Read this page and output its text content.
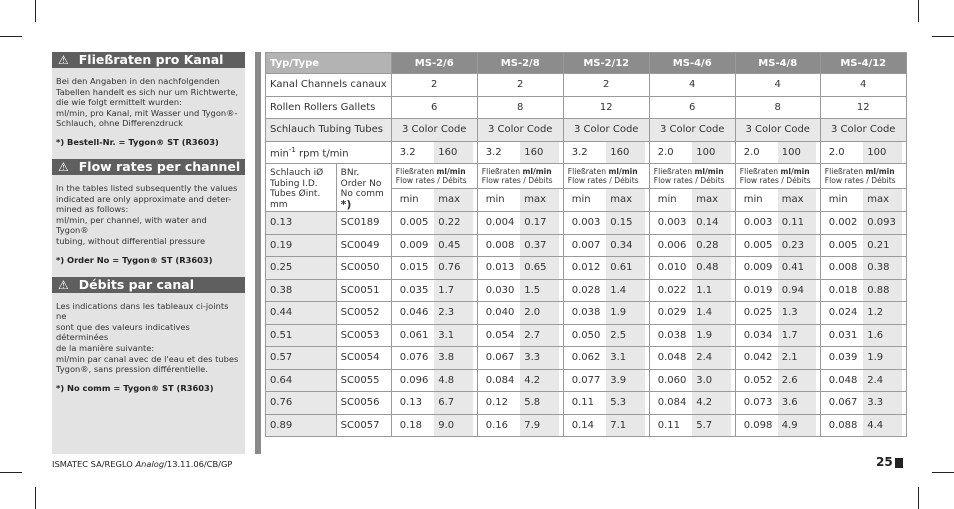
⚠ Fließraten pro Kanal

Bei den Angaben in den nachfolgenden

Tabellen handelt es sich nur um Richtwerte,

die wie folgt ermittelt wurden:

ml/min, pro Kanal, mit Wasser und Tygon®-

Schlauch, ohne Differenzdruck

*) Bestell-Nr. = Tygon® ST (R3603)
⚠ Flow rates per channel

In the tables listed subsequently the values

indicated are only approximate and deter-

mined as follows:

ml/min, per channel, with water and Tygon®

tubing, without differential pressure

*) Order No = Tygon® ST (R3603)
⚠ Débits par canal

Les indications dans les tableaux ci-joints ne

sont que des valeurs indicatives déterminées

de la manière suivante:

ml/min par canal avec de l'eau et des tubes

Tygon®, sans pression différentielle.

*) No comm = Tygon® ST (R3603)
ISMATEC SA/REGLO Analog/13.11.06/CB/GP	25
Typ/Type		MS-2/6	MS-2/8	MS-2/12	MS-4/6	MS-4/8	MS-4/12
Kanal Channels canaux		2	2	2	4	4	4
Rollen Rollers Gallets		6	8	12	6	8	12
Schlauch Tubing Tubes		3 Color Code	3 Color Code	3 Color Code	3 Color Code	3 Color Code	3 Color Code
$\min^{-1}$ rpm t/min		3.2 160	3.2 160	3.2 160	2.0 100	2.0 100	2.0 100

Schlauch iØ
Tubing I.D.
Tubes Øint.
mm	BNr.
Order No
No comm
*)	Fließraten ml/min
Flow rates / Débits	Fließraten ml/min
Flow rates / Débits	Fließraten ml/min
Flow rates / Débits	Fließraten ml/min
Flow rates / Débits	Fließraten ml/min
Flow rates / Débits	Fließraten ml/min
Flow rates / Débits

		min max	min max	min max	min max	min max	min max

0.13	SC0189	0.005 0.22	0.004 0.17	0.003 0.15	0.003 0.14	0.003 0.11	0.002 0.093

0.19	SC0049	0.009 0.45	0.008 0.37	0.007 0.34	0.006 0.28	0.005 0.23	0.005 0.21

0.25	SC0050	0.015 0.76	0.013 0.65	0.012 0.61	0.010 0.48	0.009 0.41	0.008 0.38

0.38	SC0051	0.035 1.7	0.030 1.5	0.028 1.4	0.022 1.1	0.019 0.94	0.018 0.88

0.44	SC0052	0.046 2.3	0.040 2.0	0.038 1.9	0.029 1.4	0.025 1.3	0.024 1.2

0.51	SC0053	0.061 3.1	0.054 2.7	0.050 2.5	0.038 1.9	0.034 1.7	0.031 1.6

0.57	SC0054	0.076 3.8	0.067 3.3	0.062 3.1	0.048 2.4	0.042 2.1	0.039 1.9

0.64	SC0055	0.096 4.8	0.084 4.2	0.077 3.9	0.060 3.0	0.052 2.6	0.048 2.4

0.76	SC0056	0.13 6.7	0.12 5.8	0.11 5.3	0.084 4.2	0.073 3.6	0.067 3.3

0.89	SC0057	0.18 9.0	0.16 7.9	0.14 7.1	0.11 5.7	0.098 4.9	0.088 4.4
